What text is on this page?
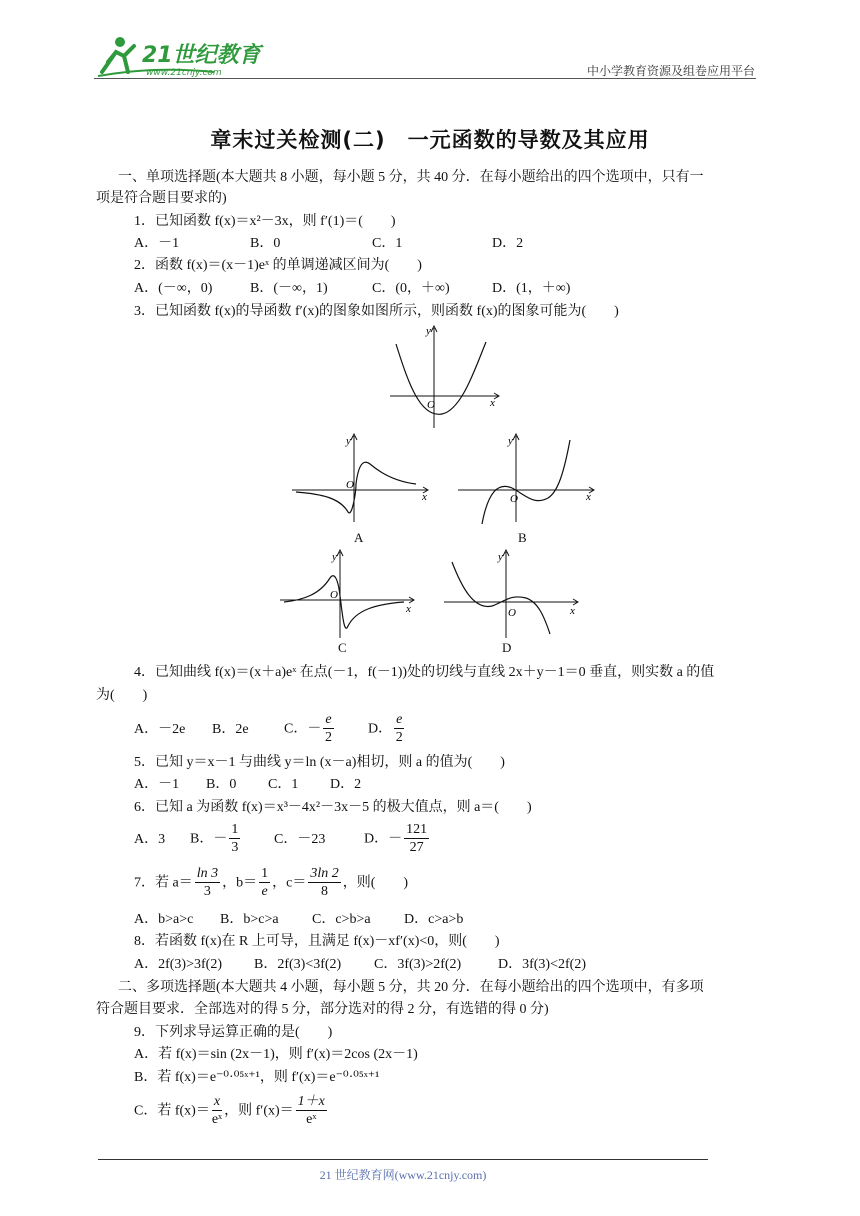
21世纪教育
www.21cnjy.com	中小学教育资源及组卷应用平台
章末过关检测(二)　一元函数的导数及其应用
一、单项选择题(本大题共 8 小题，每小题 5 分，共 40 分．在每小题给出的四个选项中，只有一
项是符合题目要求的)
1．已知函数 f(x)＝x²－3x，则 f′(1)＝(　　)
A．－1	B．0	C．1	D．2
2．函数 f(x)＝(x－1)eˣ 的单调递减区间为(　　)
A．(－∞，0)	B．(－∞，1)	C．(0，＋∞)	D．(1，＋∞)
3．已知函数 f(x)的导函数 f′(x)的图象如图所示，则函数 f(x)的图象可能为(　　)
y
x
O
y
x
O
A
y
x
O
B
y
x
O
C
y
x
O
D
4．已知曲线 f(x)＝(x＋a)eˣ 在点(－1，f(－1))处的切线与直线 2x＋y－1＝0 垂直，则实数 a 的值
为(　　)
A．－2e B．2e	C．－ $\frac{e}{2}$ D． $\frac{e}{2}$
5．已知 y＝x－1 与曲线 y＝ln (x－a)相切，则 a 的值为(　　)
A．－1 B．0 C．1 D．2
6．已知 a 为函数 f(x)＝x³－4x²－3x－5 的极大值点，则 a＝(　　)
A．3 B．－ $\frac{1}{3}$ C．－23	D．－ $\frac{121}{27}$
7．若 $a= \frac{\ln 3}{3}$ ，$b= \frac{1}{e}$ ，$c= \frac{3\ln 2}{8}$ ，则(　　)
A．b>a>c B．b>c>a C．c>b>a D．c>a>b
8．若函数 f(x)在 R 上可导，且满足 f(x)－xf′(x)<0，则(　　)
A．2f(3)>3f(2) B．2f(3)<3f(2) C．3f(3)>2f(2)	D．3f(3)<2f(2)
二、多项选择题(本大题共 4 小题，每小题 5 分，共 20 分．在每小题给出的四个选项中，有多项
符合题目要求．全部选对的得 5 分，部分选对的得 2 分，有选错的得 0 分)
9．下列求导运算正确的是(　　)
A．若 f(x)＝sin (2x－1)，则 f′(x)＝2cos (2x－1)
B．若 f(x)＝e⁻⁰·⁰⁵ˣ⁺¹，则 f′(x)＝e⁻⁰·⁰⁵ˣ⁺¹
C．若 $f(x)= \frac{x}{\text{eˣ}}$ ，则 $f'(x)= \frac{1+x}{\text{eˣ}}$
21 世纪教育网(www.21cnjy.com)
